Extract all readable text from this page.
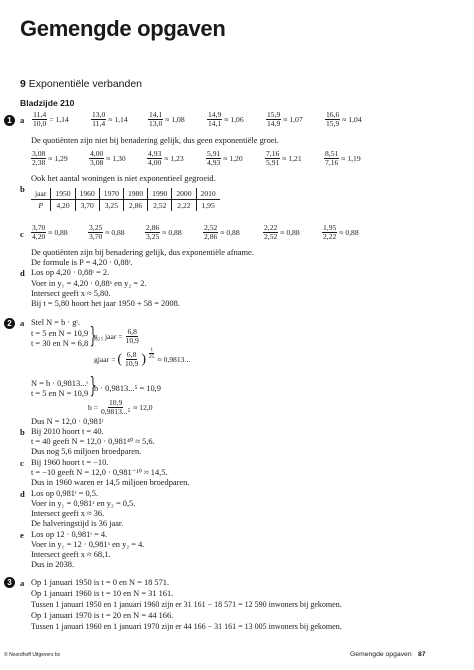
Gemengde opgaven
9 Exponentiële verbanden
Bladzijde 210
1 a $\frac{11,4}{10,0} = 1,14$	$\frac{13,0}{11,4} \approx 1,14$	$\frac{14,1}{13,0} \approx 1,08$	$\frac{14,9}{14,1} \approx 1,06$	$\frac{15,9}{14,9} \approx 1,07$	$\frac{16,6}{15,9} \approx 1,04$
De quotiënten zijn niet bij benadering gelijk, dus geen exponentiële groei.
$\frac{3,08}{2,38} \approx 1,29$	$\frac{4,00}{3,08} \approx 1,30$	$\frac{4,93}{4,00} \approx 1,23$	$\frac{5,91}{4,93} \approx 1,20$	$\frac{7,16}{5,91} \approx 1,21$	$\frac{8,51}{7,16} \approx 1,19$
Ook het aantal woningen is niet exponentieel gegroeid.
b jaar	1950	1960	1970	1980	1990	2000	2010
P	4,20	3,70	3,25	2,86	2,52	2,22	1,95
c $\frac{3,70}{4,20} \approx 0,88$	$\frac{3,25}{3,70} \approx 0,88$	$\frac{2,86}{3,25} \approx 0,88$	$\frac{2,52}{2,86} \approx 0,88$	$\frac{2,22}{2,52} \approx 0,88$	$\frac{1,95}{2,22} \approx 0,88$
De quotiënten zijn bij benadering gelijk, dus exponentiële afname.
De formule is P = 4,20 · 0,88ᵗ.
d Los op 4,20 · 0,88ᵗ = 2.
Voer in y₁ = 4,20 · 0,88ˣ en y₂ = 2.
Intersect geeft x ≈ 5,80.
Bij t = 5,80 hoort het jaar 1950 + 58 = 2008.
2 a Stel N = b · gᵗ.
t = 5 en N = 10,9
t = 30 en N = 6,8 }
g₂₅ jaar = $\frac{6,8}{10,9}$
gjaar = ( $\frac{6,8}{10,9}$ ) $\frac{1}{25} \approx 0,9813$...
N = b · 0,9813...ᵗ
t = 5 en N = 10,9 }
b · 0,9813...⁵ = 10,9
$b = \frac{10,9}{\text{0,9813...⁵}} \approx 12,0$
Dus N = 12,0 · 0,981ᵗ
b Bij 2010 hoort t = 40.
t = 40 geeft N = 12,0 · 0,981⁴⁰ ≈ 5,6.
Dus nog 5,6 miljoen broedparen.
c Bij 1960 hoort t = −10.
t = −10 geeft N = 12,0 · 0,981⁻¹⁰ ≈ 14,5.
Dus in 1960 waren er 14,5 miljoen broedparen.
d Los op 0,981ᵗ = 0,5.
Voer in y₁ = 0,981ˣ en y₂ = 0,5.
Intersect geeft x ≈ 36.
De halveringstijd is 36 jaar.
e Los op 12 · 0,981ᵗ = 4.
Voer in y₁ = 12 · 0,981ˣ en y₂ = 4.
Intersect geeft x ≈ 68,1.
Dus in 2038.
3 a Op 1 januari 1950 is t = 0 en N = 18 571.
Op 1 januari 1960 is t = 10 en N = 31 161.
Tussen 1 januari 1950 en 1 januari 1960 zijn er 31 161 − 18 571 = 12 590 inwoners bij gekomen.
Op 1 januari 1970 is t = 20 en N = 44 166.
Tussen 1 januari 1960 en 1 januari 1970 zijn er 44 166 − 31 161 = 13 005 inwoners bij gekomen.
© Noordhoff Uitgevers bv	Gemengde opgaven 87
